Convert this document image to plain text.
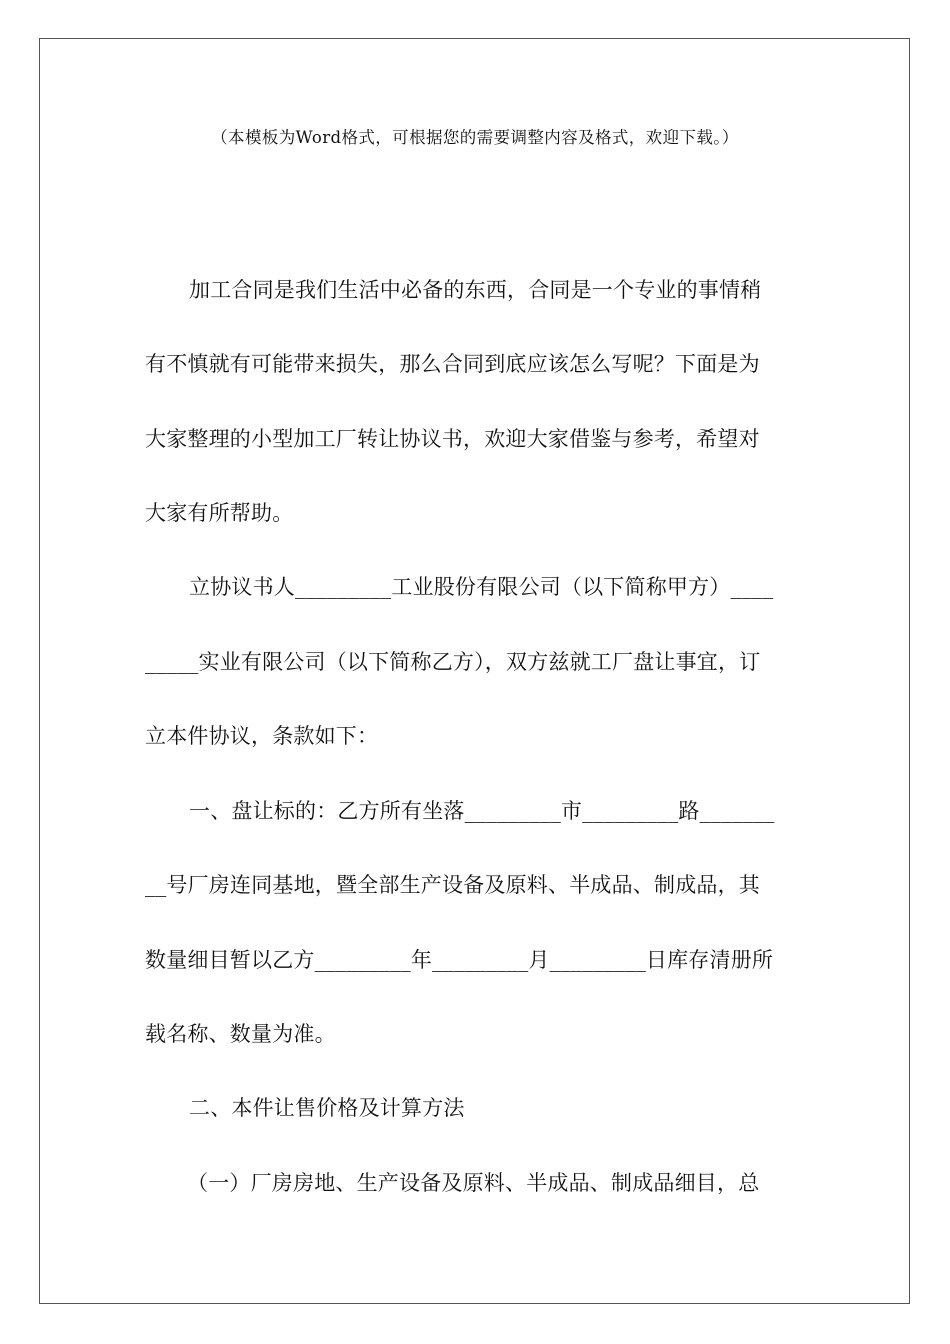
（本模板为Word格式，可根据您的需要调整内容及格式，欢迎下载。）
加工合同是我们生活中必备的东西，合同是一个专业的事情稍
有不慎就有可能带来损失，那么合同到底应该怎么写呢？下面是为
大家整理的小型加工厂转让协议书，欢迎大家借鉴与参考，希望对
大家有所帮助。
立协议书人_________工业股份有限公司（以下简称甲方）____
_____实业有限公司（以下简称乙方），双方兹就工厂盘让事宜，订
立本件协议，条款如下：
一、盘让标的：乙方所有坐落_________市_________路_______
__号厂房连同基地，暨全部生产设备及原料、半成品、制成品，其
数量细目暂以乙方_________年_________月_________日库存清册所
载名称、数量为准。
二、本件让售价格及计算方法
（一）厂房房地、生产设备及原料、半成品、制成品细目，总
